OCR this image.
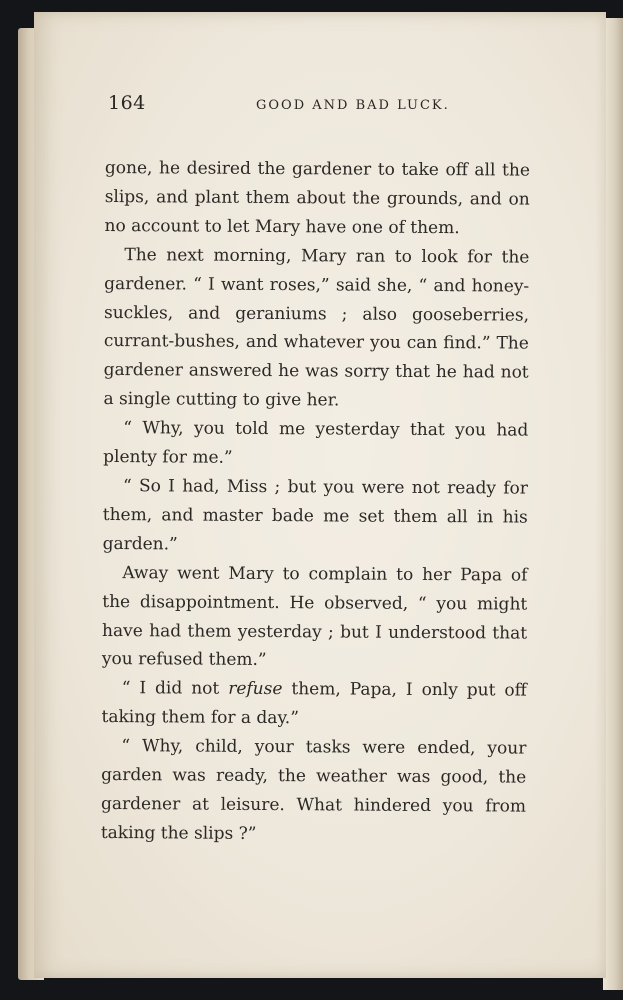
164	GOOD AND BAD LUCK.

gone, he desired the gardener to take off all the slips, and plant them about the grounds, and on no account to let Mary have one of them.

The next morning, Mary ran to look for the gardener. “ I want roses,” said she, “ and honey-suckles, and geraniums ; also gooseberries, currant-bushes, and whatever you can find.” The gardener answered he was sorry that he had not a single cutting to give her.

“ Why, you told me yesterday that you had plenty for me.”

“ So I had, Miss ; but you were not ready for them, and master bade me set them all in his garden.”

Away went Mary to complain to her Papa of the disappointment. He observed, “ you might have had them yesterday ; but I understood that you refused them.”

“ I did not refuse them, Papa, I only put off taking them for a day.”

“ Why, child, your tasks were ended, your garden was ready, the weather was good, the gardener at leisure. What hindered you from taking the slips ?”
